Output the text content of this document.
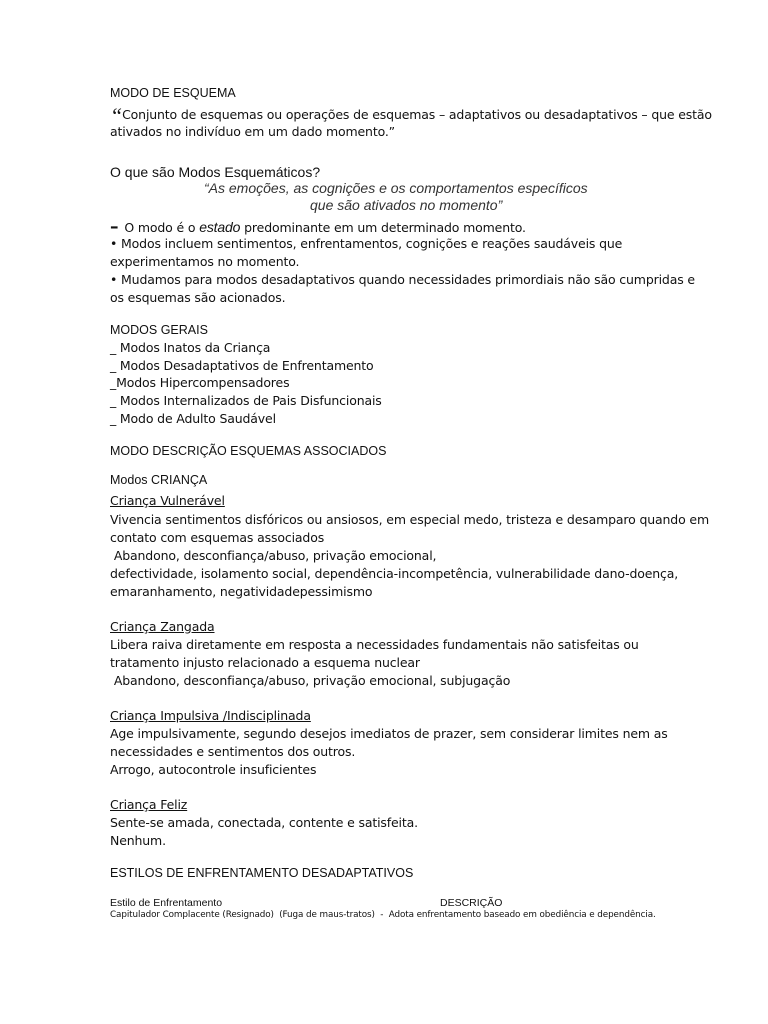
MODO DE ESQUEMA
“Conjunto de esquemas ou operações de esquemas – adaptativos ou desadaptativos – que estão
ativados no indivíduo em um dado momento.”
O que são Modos Esquemáticos?
“As emoções, as cognições e os comportamentos específicos
que são ativados no momento”
– O modo é o estado predominante em um determinado momento.
• Modos incluem sentimentos, enfrentamentos, cognições e reações saudáveis que
experimentamos no momento.
• Mudamos para modos desadaptativos quando necessidades primordiais não são cumpridas e
os esquemas são acionados.
MODOS GERAIS
_ Modos Inatos da Criança
_ Modos Desadaptativos de Enfrentamento
_Modos Hipercompensadores
_ Modos Internalizados de Pais Disfuncionais
_ Modo de Adulto Saudável
MODO DESCRIÇÃO ESQUEMAS ASSOCIADOS
Modos CRIANÇA
Criança Vulnerável
Vivencia sentimentos disfóricos ou ansiosos, em especial medo, tristeza e desamparo quando em
contato com esquemas associados
Abandono, desconfiança/abuso, privação emocional,
defectividade, isolamento social, dependência-incompetência, vulnerabilidade dano-doença,
emaranhamento, negatividadepessimismo
Criança Zangada
Libera raiva diretamente em resposta a necessidades fundamentais não satisfeitas ou
tratamento injusto relacionado a esquema nuclear
Abandono, desconfiança/abuso, privação emocional, subjugação
Criança Impulsiva /Indisciplinada
Age impulsivamente, segundo desejos imediatos de prazer, sem considerar limites nem as
necessidades e sentimentos dos outros.
Arrogo, autocontrole insuficientes
Criança Feliz
Sente-se amada, conectada, contente e satisfeita.
Nenhum.
ESTILOS DE ENFRENTAMENTO DESADAPTATIVOS
Estilo de Enfrentamento	DESCRIÇÃO
Capitulador Complacente (Resignado)  (Fuga de maus-tratos)  -  Adota enfrentamento baseado em obediência e dependência.
